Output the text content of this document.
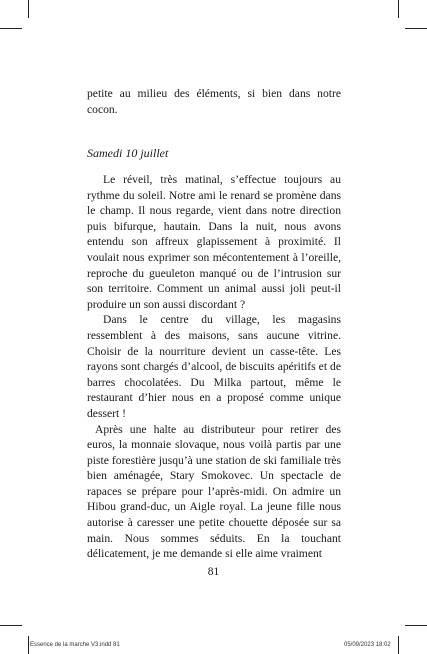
petite au milieu des éléments, si bien dans notre cocon.

Samedi 10 juillet

Le réveil, très matinal, s’effectue toujours au rythme du soleil. Notre ami le renard se promène dans le champ. Il nous regarde, vient dans notre direction puis bifurque, hautain. Dans la nuit, nous avons entendu son affreux glapissement à proximité. Il voulait nous exprimer son mécontentement à l’oreille, reproche du gueuleton manqué ou de l’intrusion sur son territoire. Comment un animal aussi joli peut-il produire un son aussi discordant ?

Dans le centre du village, les magasins ressemblent à des maisons, sans aucune vitrine. Choisir de la nourriture devient un casse-tête. Les rayons sont chargés d’alcool, de biscuits apéritifs et de barres chocolatées. Du Milka partout, même le restaurant d’hier nous en a proposé comme unique dessert !

Après une halte au distributeur pour retirer des euros, la monnaie slovaque, nous voilà partis par une piste forestière jusqu’à une station de ski familiale très bien aménagée, Stary Smokovec. Un spectacle de rapaces se prépare pour l’après-midi. On admire un Hibou grand-duc, un Aigle royal. La jeune fille nous autorise à caresser une petite chouette déposée sur sa main. Nous sommes séduits. En la touchant délicatement, je me demande si elle aime vraiment

81
Essence de la marche V3.indd 81	05/09/2023 18:02
